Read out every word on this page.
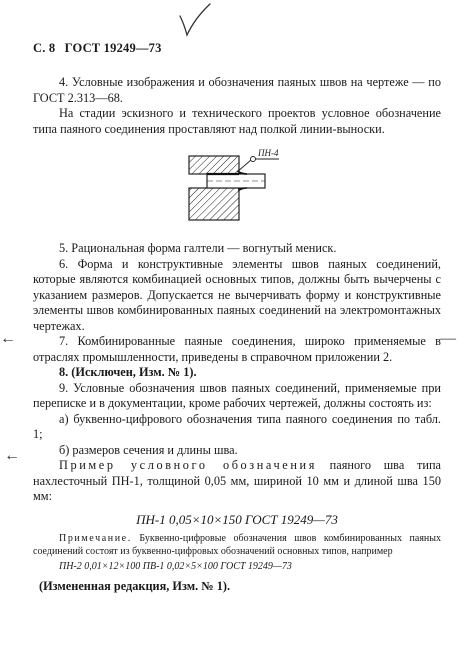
С. 8 ГОСТ 19249—73

4. Условные изображения и обозначения паяных швов на чертеже — по ГОСТ 2.313—68.

На стадии эскизного и технического проектов условное обозначение типа паяного соединения проставляют над полкой линии-выноски.

ПН-4

5. Рациональная форма галтели — вогнутый мениск.

6. Форма и конструктивные элементы швов паяных соединений, которые являются комбинацией основных типов, должны быть вычерчены с указанием размеров. Допускается не вычерчивать форму и конструктивные элементы швов комбинированных паяных соединений на электромонтажных чертежах.

7. Комбинированные паяные соединения, широко применяемые в отраслях промышленности, приведены в справочном приложении 2.

8. (Исключен, Изм. № 1).

9. Условные обозначения швов паяных соединений, применяемые при переписке и в документации, кроме рабочих чертежей, должны состоять из:

а) буквенно-цифрового обозначения типа паяного соединения по табл. 1;

б) размеров сечения и длины шва.

Пример условного обозначения паяного шва типа нахлесточный ПН-1, толщиной 0,05 мм, шириной 10 мм и длиной шва 150 мм:

ПН-1 0,05×10×150 ГОСТ 19249—73

Примечание. Буквенно-цифровые обозначения швов комбинированных паяных соединений состоят из буквенно-цифровых обозначений основных типов, например

ПН-2 0,01×12×100 ПВ-1 0,02×5×100 ГОСТ 19249—73

(Измененная редакция, Изм. № 1).

←	—
←
